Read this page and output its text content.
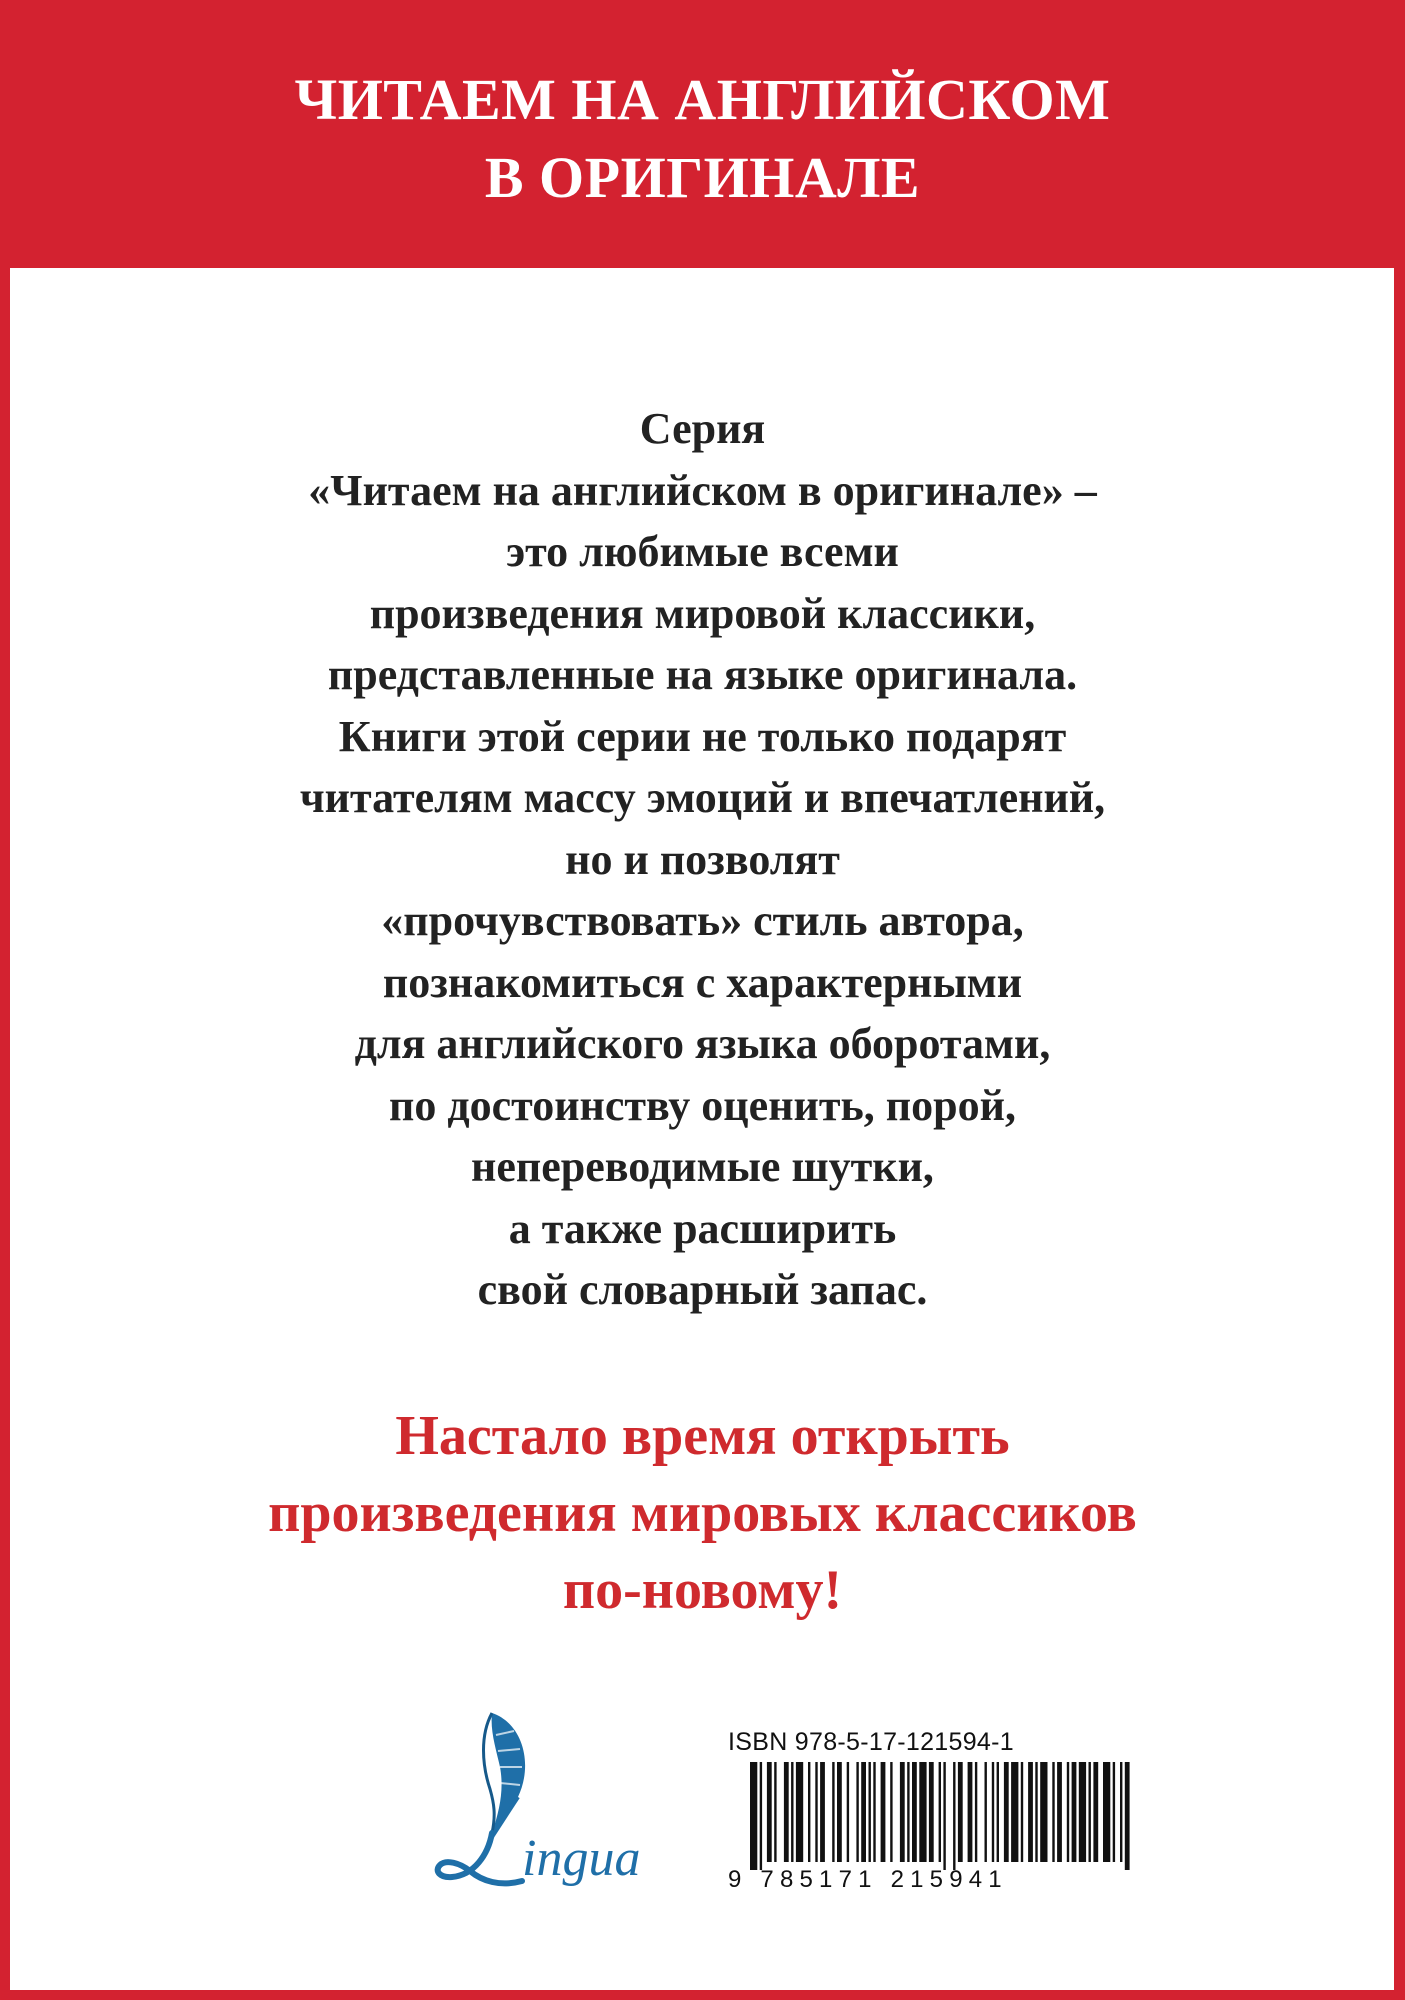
ЧИТАЕМ НА АНГЛИЙСКОМ
В ОРИГИНАЛЕ
Серия
«Читаем на английском в оригинале» –
это любимые всеми
произведения мировой классики,
представленные на языке оригинала.
Книги этой серии не только подарят
читателям массу эмоций и впечатлений,
но и позволят
«прочувствовать» стиль автора,
познакомиться с характерными
для английского языка оборотами,
по достоинству оценить, порой,
непереводимые шутки,
а также расширить
свой словарный запас.
Настало время открыть
произведения мировых классиков
по-новому!
ingua
ISBN 978-5-17-121594-1
9 785171 215941
